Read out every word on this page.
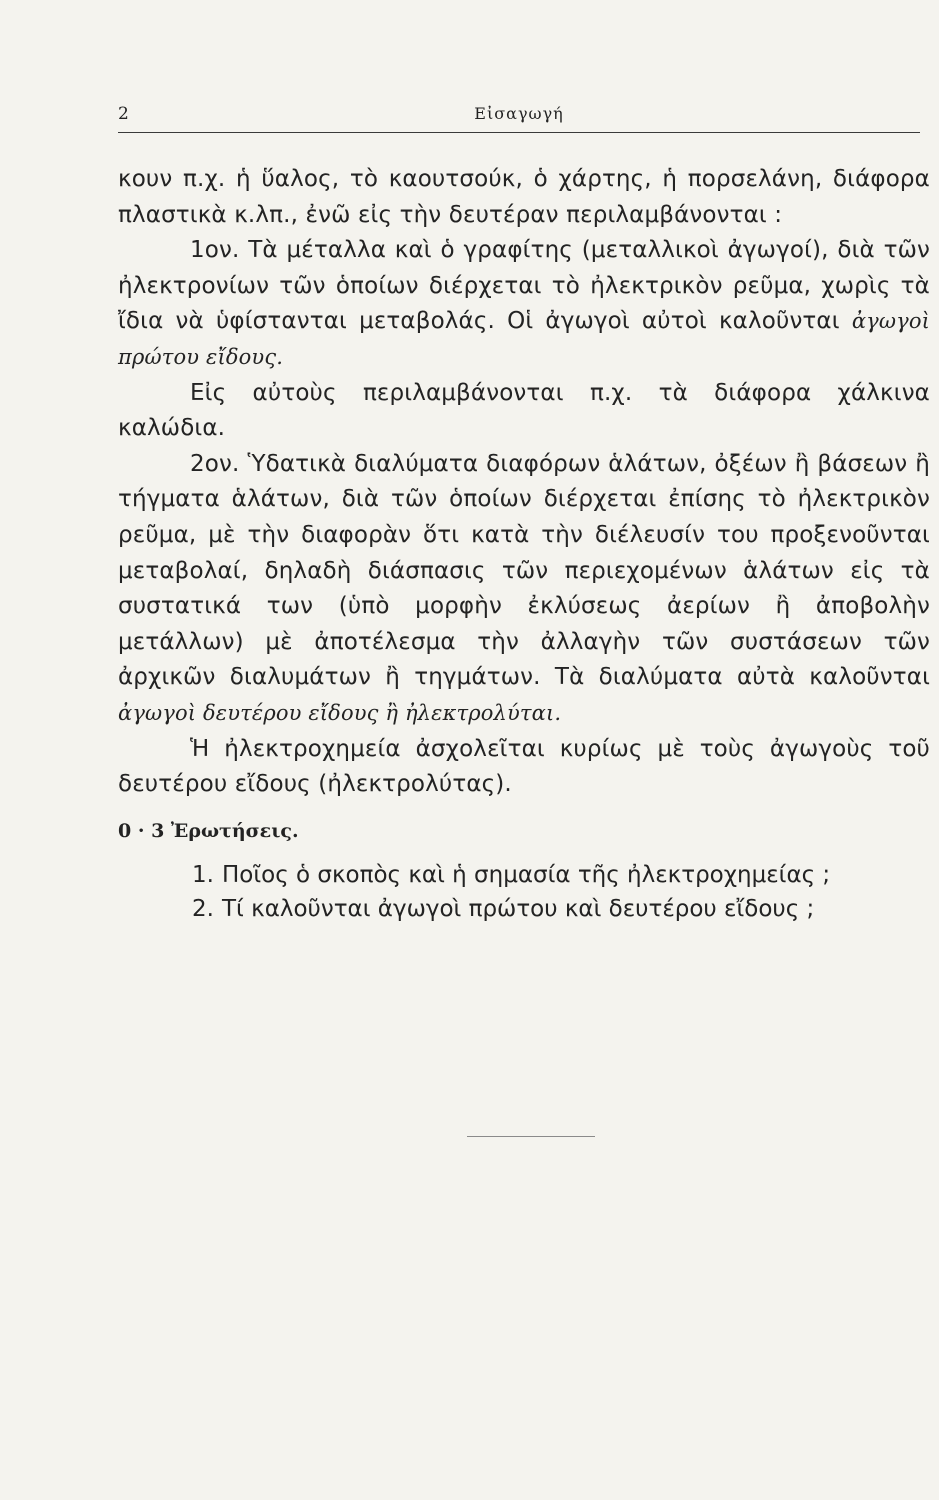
2	Εἰσαγωγή

κουν π.χ. ἡ ὕαλος, τὸ καουτσούκ, ὁ χάρτης, ἡ πορσελάνη, διάφορα πλαστικὰ κ.λπ., ἐνῶ εἰς τὴν δευτέραν περιλαμβάνονται :

1ον. Τὰ μέταλλα καὶ ὁ γραφίτης (μεταλλικοὶ ἀγωγοί), διὰ τῶν ἠλεκτρονίων τῶν ὁποίων διέρχεται τὸ ἠλεκτρικὸν ρεῦμα, χωρὶς τὰ ἴδια νὰ ὑφίστανται μεταβολάς. Οἱ ἀγωγοὶ αὐτοὶ καλοῦνται ἀγωγοὶ πρώτου εἴδους.

Εἰς αὐτοὺς περιλαμβάνονται π.χ. τὰ διάφορα χάλκινα καλώδια.

2ον. Ὑδατικὰ διαλύματα διαφόρων ἁλάτων, ὀξέων ἢ βάσεων ἢ τήγματα ἁλάτων, διὰ τῶν ὁποίων διέρχεται ἐπίσης τὸ ἠλεκτρικὸν ρεῦμα, μὲ τὴν διαφορὰν ὅτι κατὰ τὴν διέλευσίν του προξενοῦνται μεταβολαί, δηλαδὴ διάσπασις τῶν περιεχομένων ἁλάτων εἰς τὰ συστατικά των (ὑπὸ μορφὴν ἐκλύσεως ἀερίων ἢ ἀποβολὴν μετάλλων) μὲ ἀποτέλεσμα τὴν ἀλλαγὴν τῶν συστάσεων τῶν ἀρχικῶν διαλυμάτων ἢ τηγμάτων. Τὰ διαλύματα αὐτὰ καλοῦνται ἀγωγοὶ δευτέρου εἴδους ἢ ἠλεκτρολύται.

Ἡ ἠλεκτροχημεία ἀσχολεῖται κυρίως μὲ τοὺς ἀγωγοὺς τοῦ δευτέρου εἴδους (ἠλεκτρολύτας).

0 · 3 Ἐρωτήσεις.
1. Ποῖος ὁ σκοπὸς καὶ ἡ σημασία τῆς ἠλεκτροχημείας ;
2. Τί καλοῦνται ἀγωγοὶ πρώτου καὶ δευτέρου εἴδους ;
